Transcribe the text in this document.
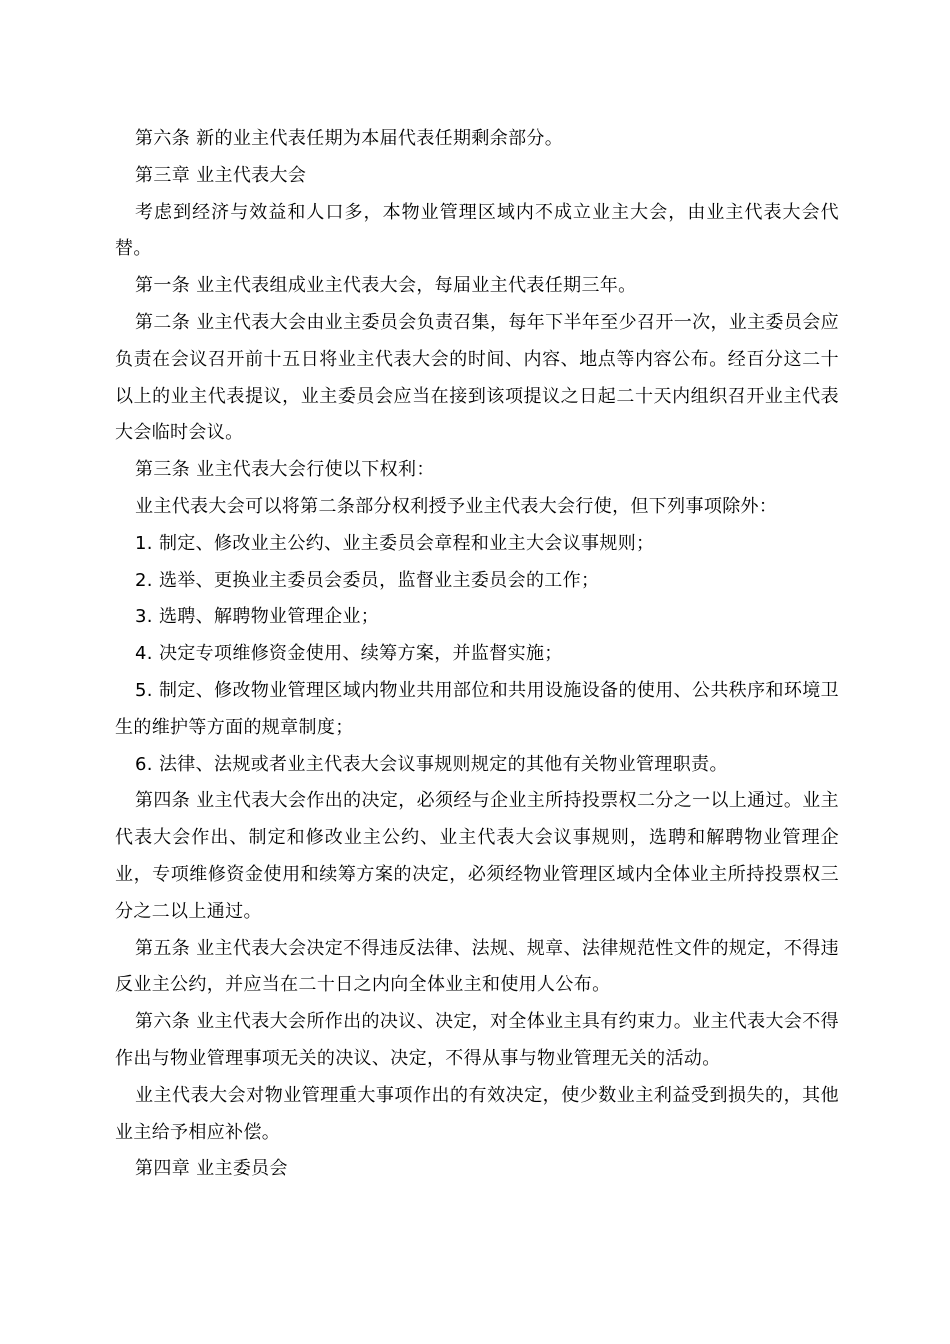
第六条 新的业主代表任期为本届代表任期剩余部分。

第三章 业主代表大会

考虑到经济与效益和人口多，本物业管理区域内不成立业主大会，由业主代表大会代替。

第一条 业主代表组成业主代表大会，每届业主代表任期三年。

第二条 业主代表大会由业主委员会负责召集，每年下半年至少召开一次，业主委员会应负责在会议召开前十五日将业主代表大会的时间、内容、地点等内容公布。经百分这二十以上的业主代表提议，业主委员会应当在接到该项提议之日起二十天内组织召开业主代表大会临时会议。

第三条 业主代表大会行使以下权利：

业主代表大会可以将第二条部分权利授予业主代表大会行使，但下列事项除外：

1. 制定、修改业主公约、业主委员会章程和业主大会议事规则；

2. 选举、更换业主委员会委员，监督业主委员会的工作；

3. 选聘、解聘物业管理企业；

4. 决定专项维修资金使用、续筹方案，并监督实施；

5. 制定、修改物业管理区域内物业共用部位和共用设施设备的使用、公共秩序和环境卫生的维护等方面的规章制度；

6. 法律、法规或者业主代表大会议事规则规定的其他有关物业管理职责。

第四条 业主代表大会作出的决定，必须经与企业主所持投票权二分之一以上通过。业主代表大会作出、制定和修改业主公约、业主代表大会议事规则，选聘和解聘物业管理企业，专项维修资金使用和续筹方案的决定，必须经物业管理区域内全体业主所持投票权三分之二以上通过。

第五条 业主代表大会决定不得违反法律、法规、规章、法律规范性文件的规定，不得违反业主公约，并应当在二十日之内向全体业主和使用人公布。

第六条 业主代表大会所作出的决议、决定，对全体业主具有约束力。业主代表大会不得作出与物业管理事项无关的决议、决定，不得从事与物业管理无关的活动。

业主代表大会对物业管理重大事项作出的有效决定，使少数业主利益受到损失的，其他业主给予相应补偿。

第四章 业主委员会
